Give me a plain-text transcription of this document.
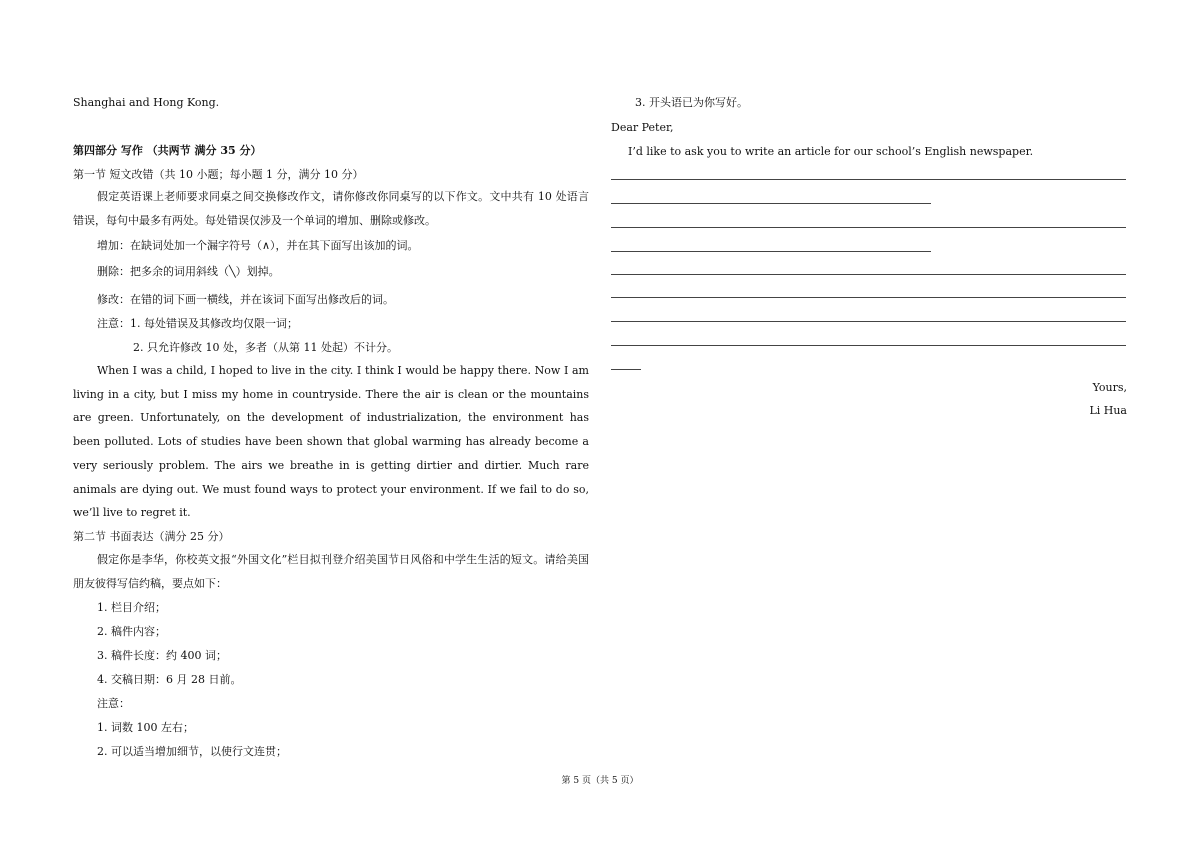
Shanghai and Hong Kong.
第四部分 写作 （共两节 满分 35 分）
第一节 短文改错（共 10 小题；每小题 1 分，满分 10 分）
假定英语课上老师要求同桌之间交换修改作文，请你修改你同桌写的以下作文。文中共有 10 处语言错误，每句中最多有两处。每处错误仅涉及一个单词的增加、删除或修改。
增加：在缺词处加一个漏字符号（∧），并在其下面写出该加的词。
删除：把多余的词用斜线（╲）划掉。
修改：在错的词下画一横线，并在该词下面写出修改后的词。
注意：1. 每处错误及其修改均仅限一词；
2. 只允许修改 10 处，多者（从第 11 处起）不计分。
When I was a child, I hoped to live in the city. I think I would be happy there. Now I am living in a city, but I miss my home in countryside. There the air is clean or the mountains are green. Unfortunately, on the development of industrialization, the environment has been polluted. Lots of studies have been shown that global warming has already become a very seriously problem. The airs we breathe in is getting dirtier and dirtier. Much rare animals are dying out. We must found ways to protect your environment. If we fail to do so, we’ll live to regret it.
第二节 书面表达（满分 25 分）
假定你是李华，你校英文报“外国文化”栏目拟刊登介绍美国节日风俗和中学生生活的短文。请给美国朋友彼得写信约稿，要点如下：
1. 栏目介绍；
2. 稿件内容；
3. 稿件长度：约 400 词；
4. 交稿日期：6 月 28 日前。
注意：
1. 词数 100 左右；
2. 可以适当增加细节，以使行文连贯；
3. 开头语已为你写好。
Dear Peter,
I’d like to ask you to write an article for our school’s English newspaper.
Yours,
Li Hua
第 5 页（共 5 页）
